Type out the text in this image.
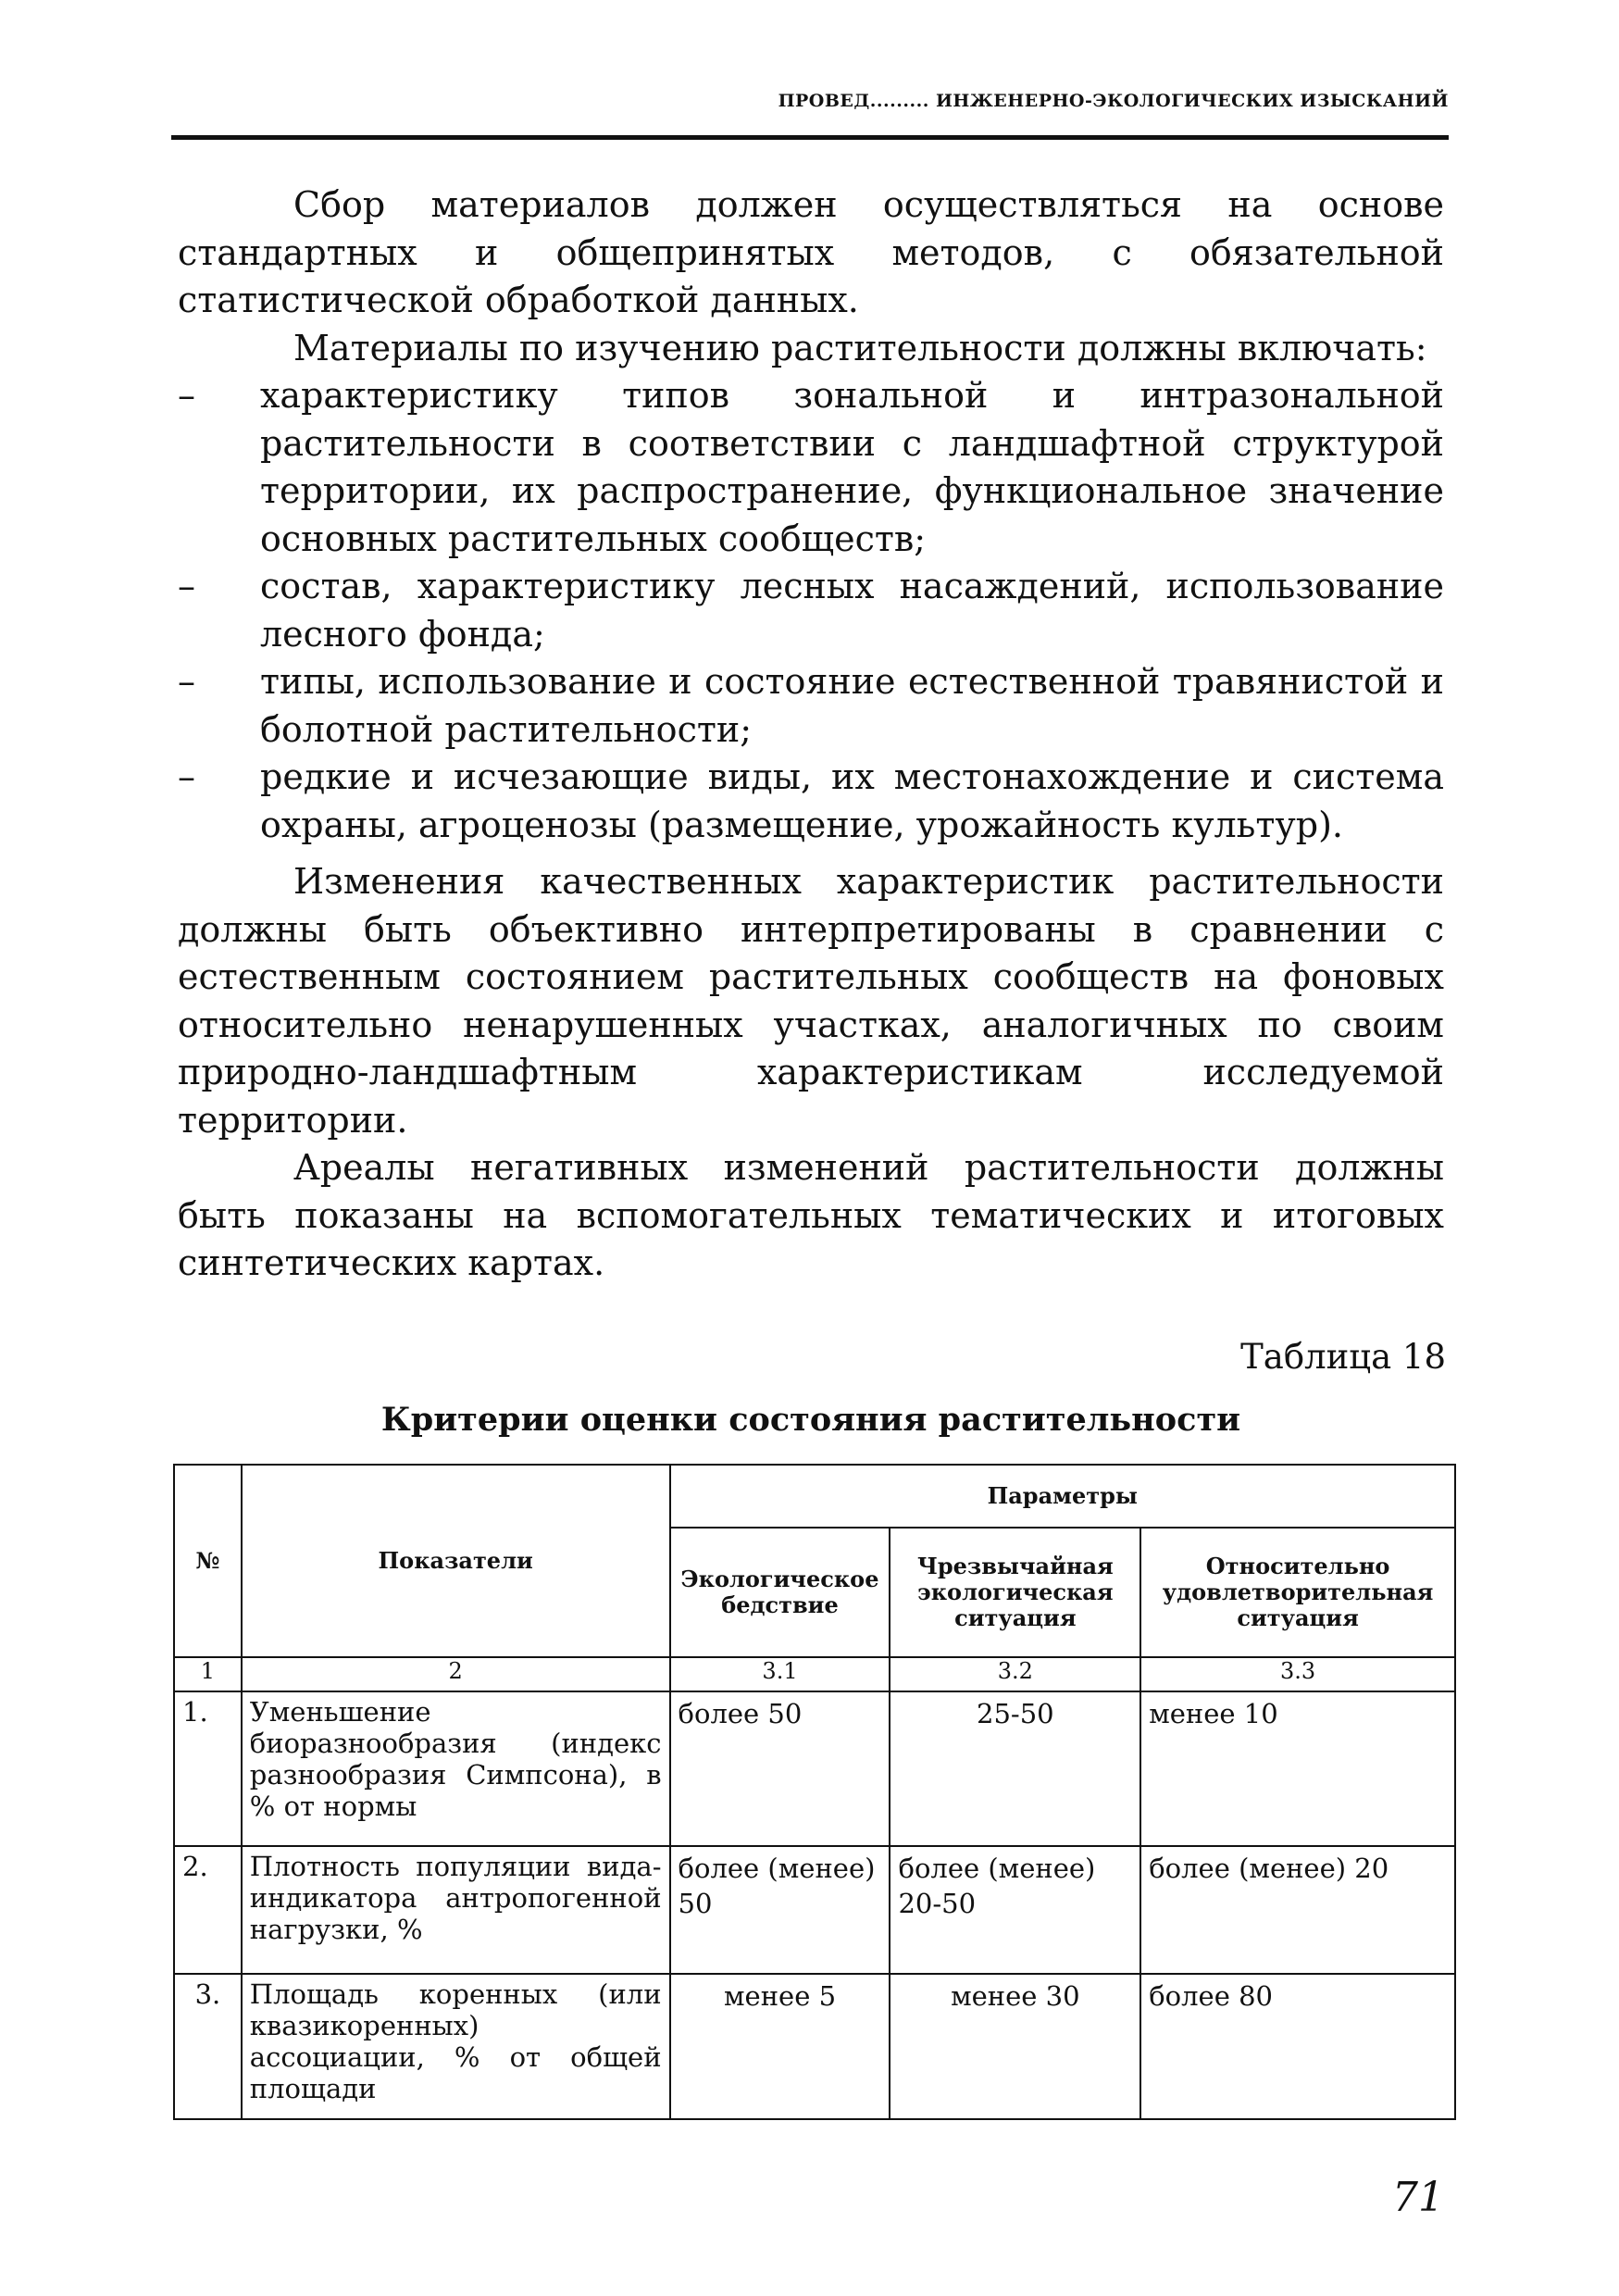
ПРОВЕД......... ИНЖЕНЕРНО-ЭКОЛОГИЧЕСКИХ ИЗЫСКАНИЙ

Сбор материалов должен осуществляться на основе стандартных и общепринятых методов, с обязательной статистической обработкой данных.

Материалы по изучению растительности должны включать:

–	характеристику типов зональной и интразональной растительности в соответствии с ландшафтной структурой территории, их распространение, функциональное значение основных растительных сообществ;
–	состав, характеристику лесных насаждений, использование лесного фонда;
–	типы, использование и состояние естественной травянистой и болотной растительности;
–	редкие и исчезающие виды, их местонахождение и система охраны, агроценозы (размещение, урожайность культур).

Изменения качественных характеристик растительности должны быть объективно интерпретированы в сравнении с естественным состоянием растительных сообществ на фоновых относительно ненарушенных участках, аналогичных по своим природно-ландшафтным характеристикам исследуемой территории.

Ареалы негативных изменений растительности должны быть показаны на вспомогательных тематических и итоговых синтетических картах.

Таблица 18
Критерии оценки состояния растительности
№	Показатели	Параметры		
		Экологическое бедствие	Чрезвычайная экологическая ситуация	Относительно удовлетворительная ситуация
1	2	3.1	3.2	3.3
1.	Уменьшение биоразнообразия (индекс разнообразия Симпсона), в % от нормы	более 50	25-50	менее 10
2.	Плотность популяции вида-индикатора антропогенной нагрузки, %	более (менее) 50	более (менее) 20-50	более (менее) 20
3.	Площадь коренных (или квазикоренных) ассоциации, % от общей площади	менее 5	менее 30	более 80
71
